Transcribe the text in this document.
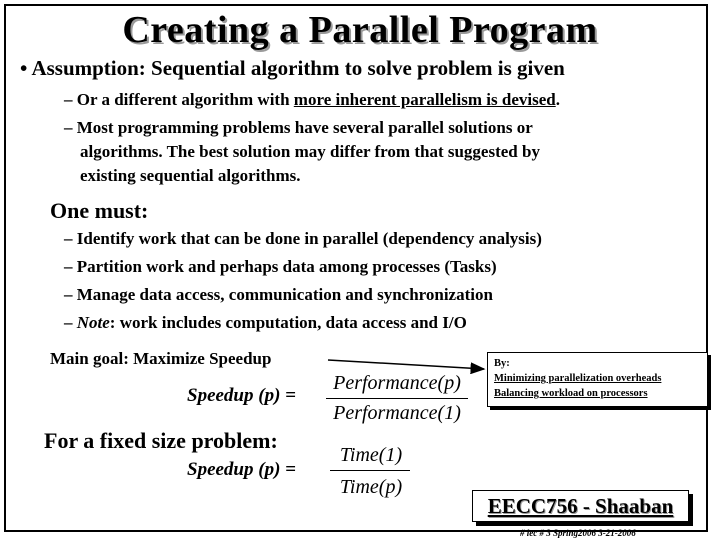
Creating a Parallel Program
• Assumption: Sequential algorithm to solve problem is given
– Or a different algorithm with more inherent parallelism is devised.
– Most programming problems have several parallel solutions or
algorithms. The best solution may differ from that suggested by
existing sequential algorithms.
One must:
– Identify work that can be done in parallel (dependency analysis)
– Partition work and perhaps data among processes (Tasks)
– Manage data access, communication and synchronization
– Note: work includes computation, data access and I/O
Main goal: Maximize Speedup
Speedup (p) =
Performance(p)
Performance(1)
For a fixed size problem:
Speedup (p) =
Time(1)
Time(p)
By:
Minimizing parallelization overheads
Balancing workload on processors
EECC756 - Shaaban
# lec # 3 Spring2006 3-21-2006
